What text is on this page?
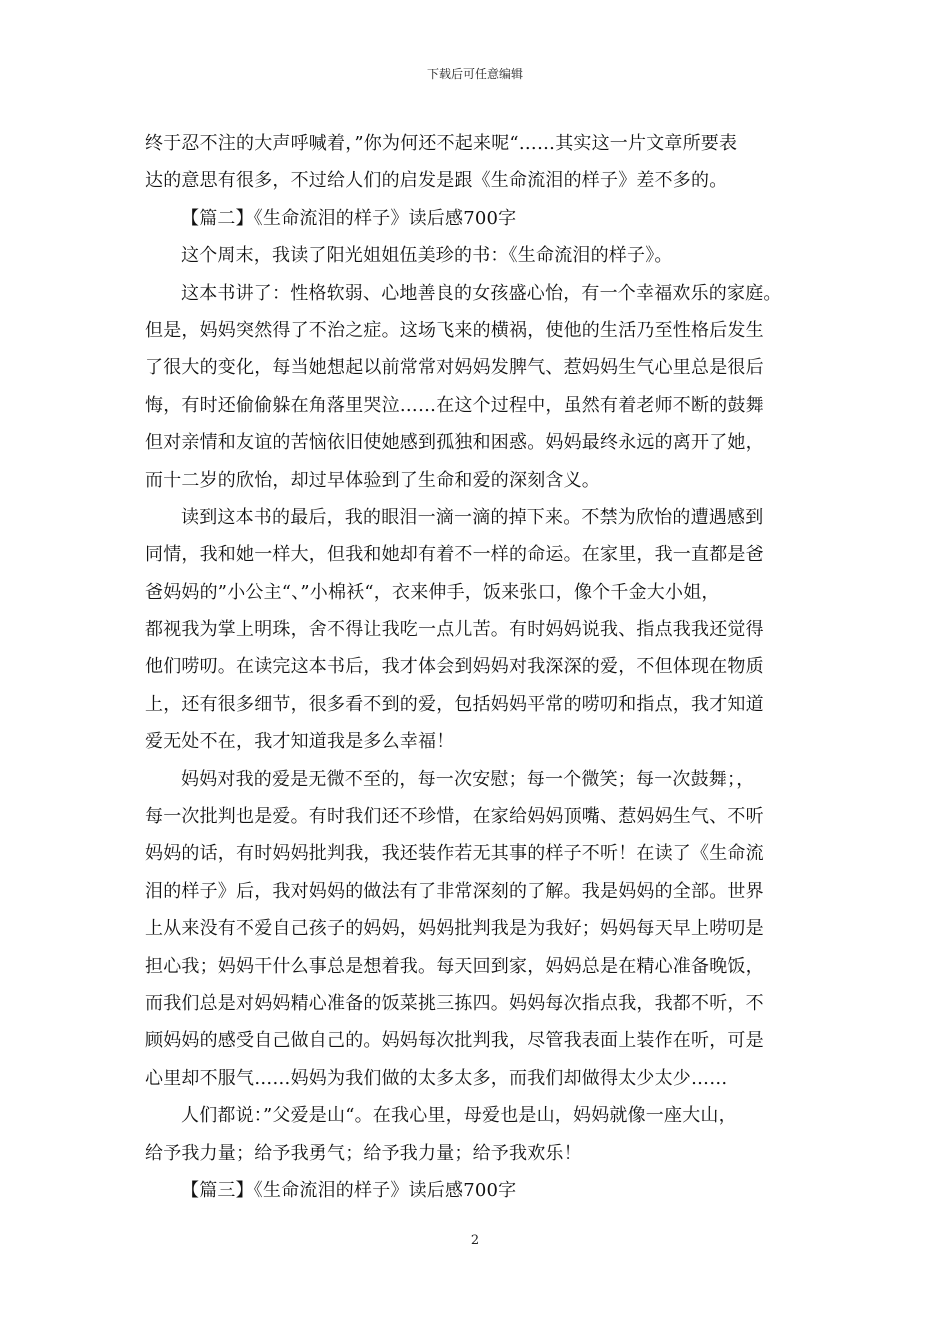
下载后可任意编辑
终于忍不注的大声呼喊着，”你为何还不起来呢“……其实这一片文章所要表
达的意思有很多，不过给人们的启发是跟《生命流泪的样子》差不多的。
【篇二】《生命流泪的样子》读后感700字
这个周末，我读了阳光姐姐伍美珍的书：《生命流泪的样子》。
这本书讲了：性格软弱、心地善良的女孩盛心怡，有一个幸福欢乐的家庭。
但是，妈妈突然得了不治之症。这场飞来的横祸，使他的生活乃至性格后发生
了很大的变化，每当她想起以前常常对妈妈发脾气、惹妈妈生气心里总是很后
悔，有时还偷偷躲在角落里哭泣……在这个过程中，虽然有着老师不断的鼓舞
但对亲情和友谊的苦恼依旧使她感到孤独和困惑。妈妈最终永远的离开了她，
而十二岁的欣怡，却过早体验到了生命和爱的深刻含义。
读到这本书的最后，我的眼泪一滴一滴的掉下来。不禁为欣怡的遭遇感到
同情，我和她一样大，但我和她却有着不一样的命运。在家里，我一直都是爸
爸妈妈的”小公主“、”小棉袄“，衣来伸手，饭来张口，像个千金大小姐，
都视我为掌上明珠，舍不得让我吃一点儿苦。有时妈妈说我、指点我我还觉得
他们唠叨。在读完这本书后，我才体会到妈妈对我深深的爱，不但体现在物质
上，还有很多细节，很多看不到的爱，包括妈妈平常的唠叨和指点，我才知道
爱无处不在，我才知道我是多么幸福！
妈妈对我的爱是无微不至的，每一次安慰；每一个微笑；每一次鼓舞；，
每一次批判也是爱。有时我们还不珍惜，在家给妈妈顶嘴、惹妈妈生气、不听
妈妈的话，有时妈妈批判我，我还装作若无其事的样子不听！在读了《生命流
泪的样子》后，我对妈妈的做法有了非常深刻的了解。我是妈妈的全部。世界
上从来没有不爱自己孩子的妈妈，妈妈批判我是为我好；妈妈每天早上唠叨是
担心我；妈妈干什么事总是想着我。每天回到家，妈妈总是在精心准备晚饭，
而我们总是对妈妈精心准备的饭菜挑三拣四。妈妈每次指点我，我都不听，不
顾妈妈的感受自己做自己的。妈妈每次批判我，尽管我表面上装作在听，可是
心里却不服气……妈妈为我们做的太多太多，而我们却做得太少太少……
人们都说：”父爱是山“。在我心里，母爱也是山，妈妈就像一座大山，
给予我力量；给予我勇气；给予我力量；给予我欢乐！
【篇三】《生命流泪的样子》读后感700字
2
